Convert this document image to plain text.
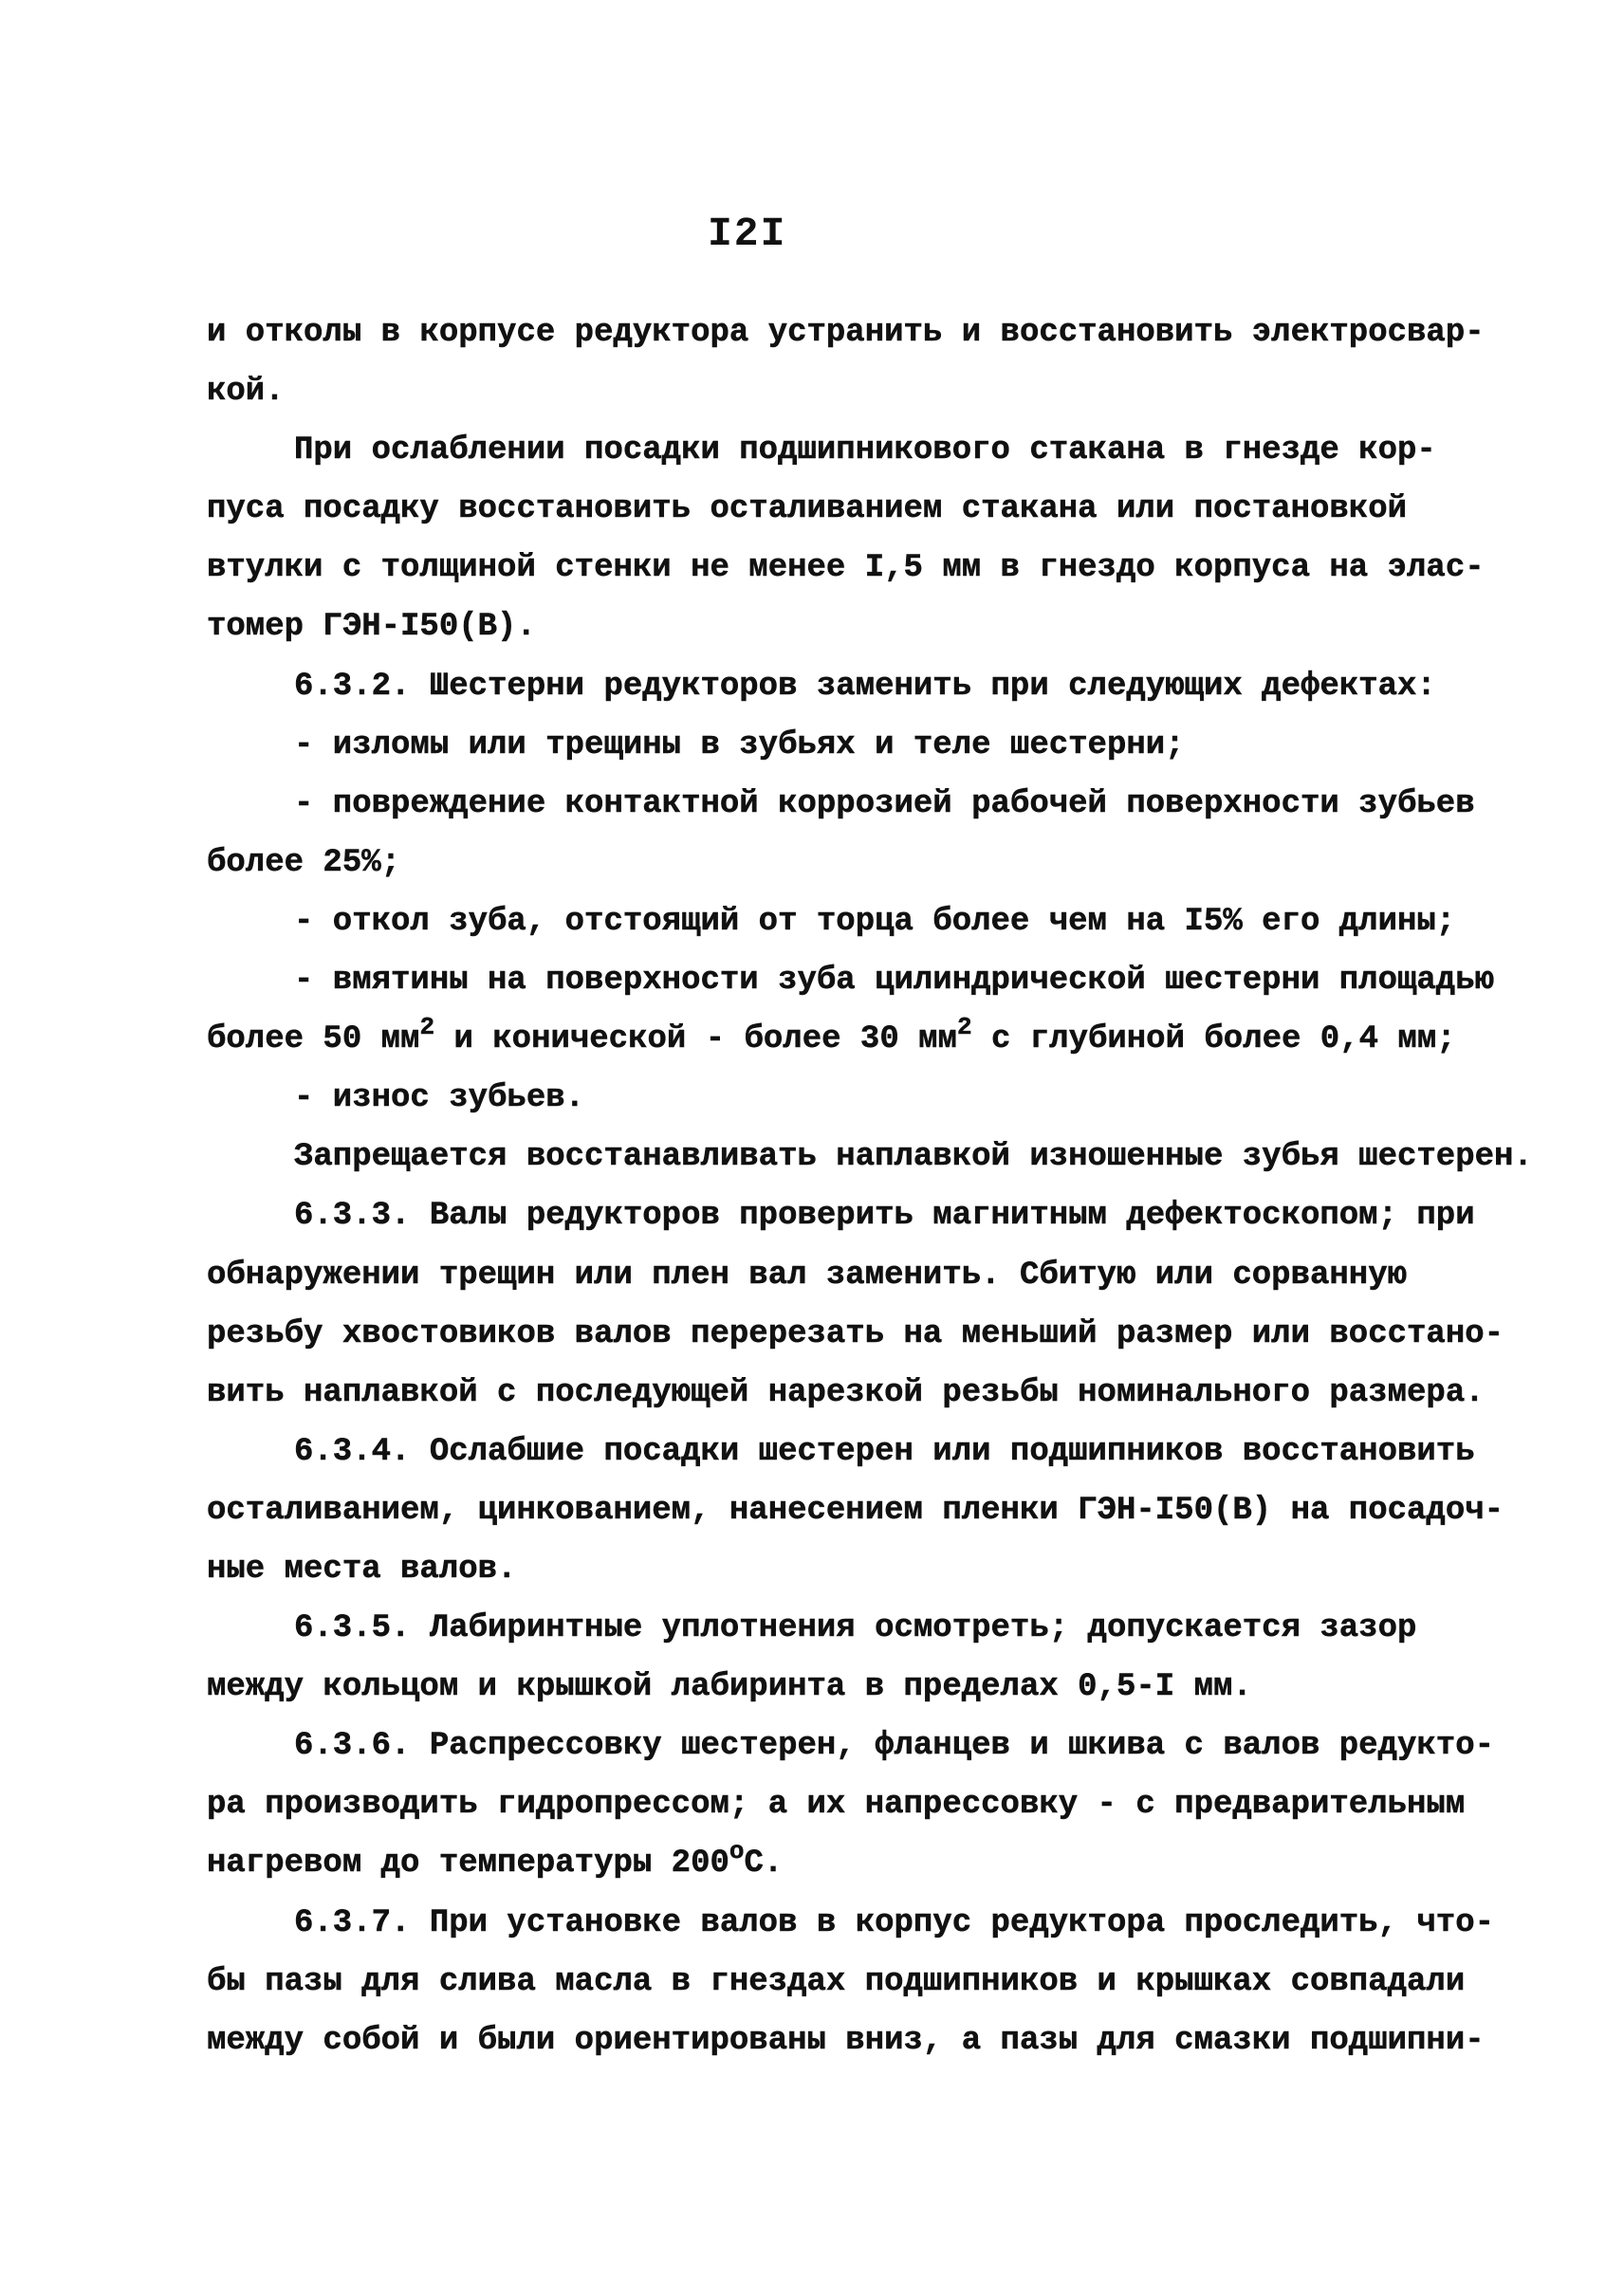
I2I
и отколы в корпусе редуктора устранить и восстановить электросвар-
кой.
При ослаблении посадки подшипникового стакана в гнезде кор-
пуса посадку восстановить осталиванием стакана или постановкой
втулки с толщиной стенки не менее I,5 мм в гнездо корпуса на элас-
томер ГЭН-I50(В).
6.3.2. Шестерни редукторов заменить при следующих дефектах:
- изломы или трещины в зубьях и теле шестерни;
- повреждение контактной коррозией рабочей поверхности зубьев
более 25%;
- откол зуба, отстоящий от торца более чем на I5% его длины;
- вмятины на поверхности зуба цилиндрической шестерни площадью
более 50 $мм^2$ и конической - более 30 $мм^2$ с глубиной более 0,4 мм;
- износ зубьев.
Запрещается восстанавливать наплавкой изношенные зубья шестерен.
6.3.3. Валы редукторов проверить магнитным дефектоскопом; при
обнаружении трещин или плен вал заменить. Сбитую или сорванную
резьбу хвостовиков валов перерезать на меньший размер или восстано-
вить наплавкой с последующей нарезкой резьбы номинального размера.
6.3.4. Ослабшие посадки шестерен или подшипников восстановить
осталиванием, цинкованием, нанесением пленки ГЭН-I50(В) на посадоч-
ные места валов.
6.3.5. Лабиринтные уплотнения осмотреть; допускается зазор
между кольцом и крышкой лабиринта в пределах 0,5-I мм.
6.3.6. Распрессовку шестерен, фланцев и шкива с валов редукто-
ра производить гидропрессом; а их напрессовку - с предварительным
нагревом до температуры $200^оС$.
6.3.7. При установке валов в корпус редуктора проследить, что-
бы пазы для слива масла в гнездах подшипников и крышках совпадали
между собой и были ориентированы вниз, а пазы для смазки подшипни-
